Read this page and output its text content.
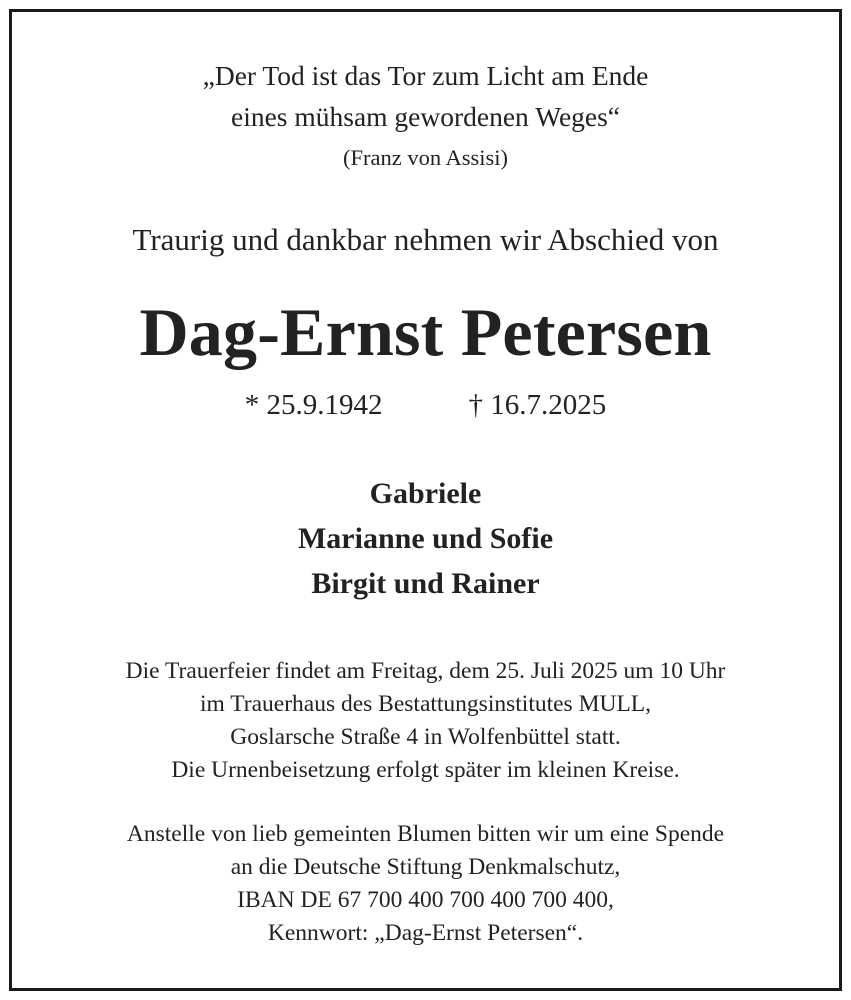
„Der Tod ist das Tor zum Licht am Ende
eines mühsam gewordenen Weges“
(Franz von Assisi)
Traurig und dankbar nehmen wir Abschied von
Dag-Ernst Petersen
* 25.9.1942	† 16.7.2025
Gabriele
Marianne und Sofie
Birgit und Rainer
Die Trauerfeier findet am Freitag, dem 25. Juli 2025 um 10 Uhr
im Trauerhaus des Bestattungsinstitutes MULL,
Goslarsche Straße 4 in Wolfenbüttel statt.
Die Urnenbeisetzung erfolgt später im kleinen Kreise.
Anstelle von lieb gemeinten Blumen bitten wir um eine Spende
an die Deutsche Stiftung Denkmalschutz,
IBAN DE 67 700 400 700 400 700 400,
Kennwort: „Dag-Ernst Petersen“.
